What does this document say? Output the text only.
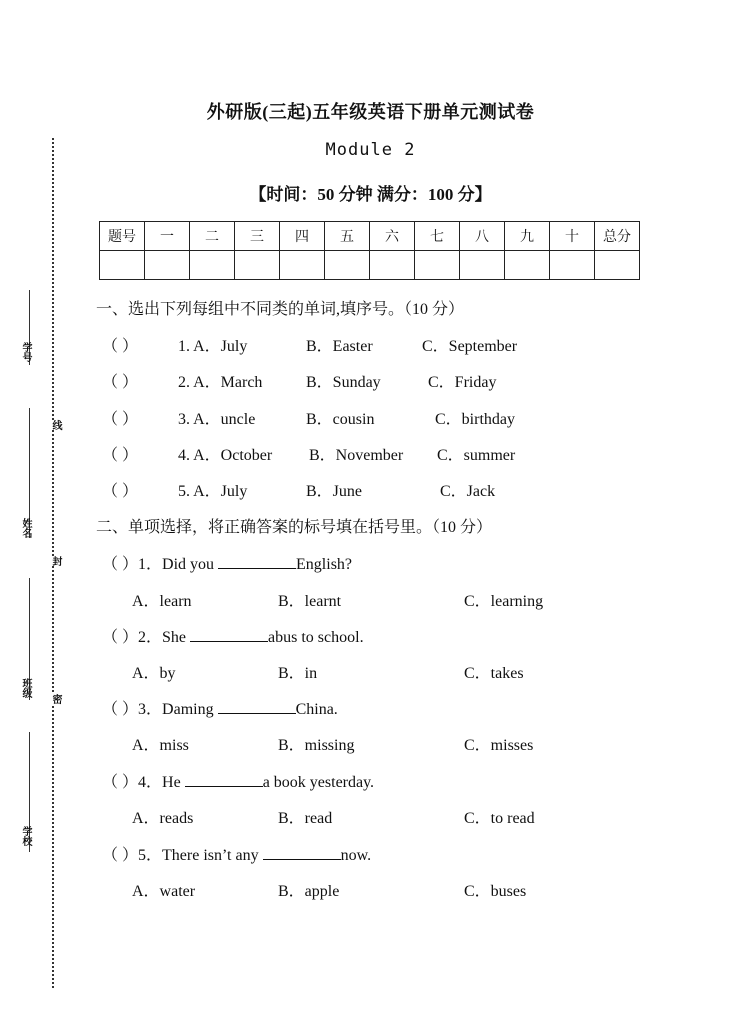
学号
姓名
班级
学校
线
封
密
外研版(三起)五年级英语下册单元测试卷
Module 2
【时间：50 分钟 满分：100 分】
题号	一	二	三	四	五	六	七	八	九	十	总分

一、选出下列每组中不同类的单词,填序号。（10 分）
（ ） 1. A．July	B．Easter	C．September
（ ） 2. A．March	B．Sunday	C．Friday
（ ） 3. A．uncle	B．cousin	C．birthday
（ ） 4. A．October B．November C．summer
（ ） 5. A．July	B．June	C．Jack
二、单项选择，将正确答案的标号填在括号里。（10 分）
（ ）1．Did you	English?
A．learn	B．learnt	C．learning
（ ）2．She	abus to school.
A．by	B．in	C．takes
（ ）3．Daming	China.
A．miss	B．missing	C．misses
（ ）4．He	a book yesterday.
A．reads	B．read	C．to read
（ ）5．There isn’t any	now.
A．water	B．apple	C．buses
